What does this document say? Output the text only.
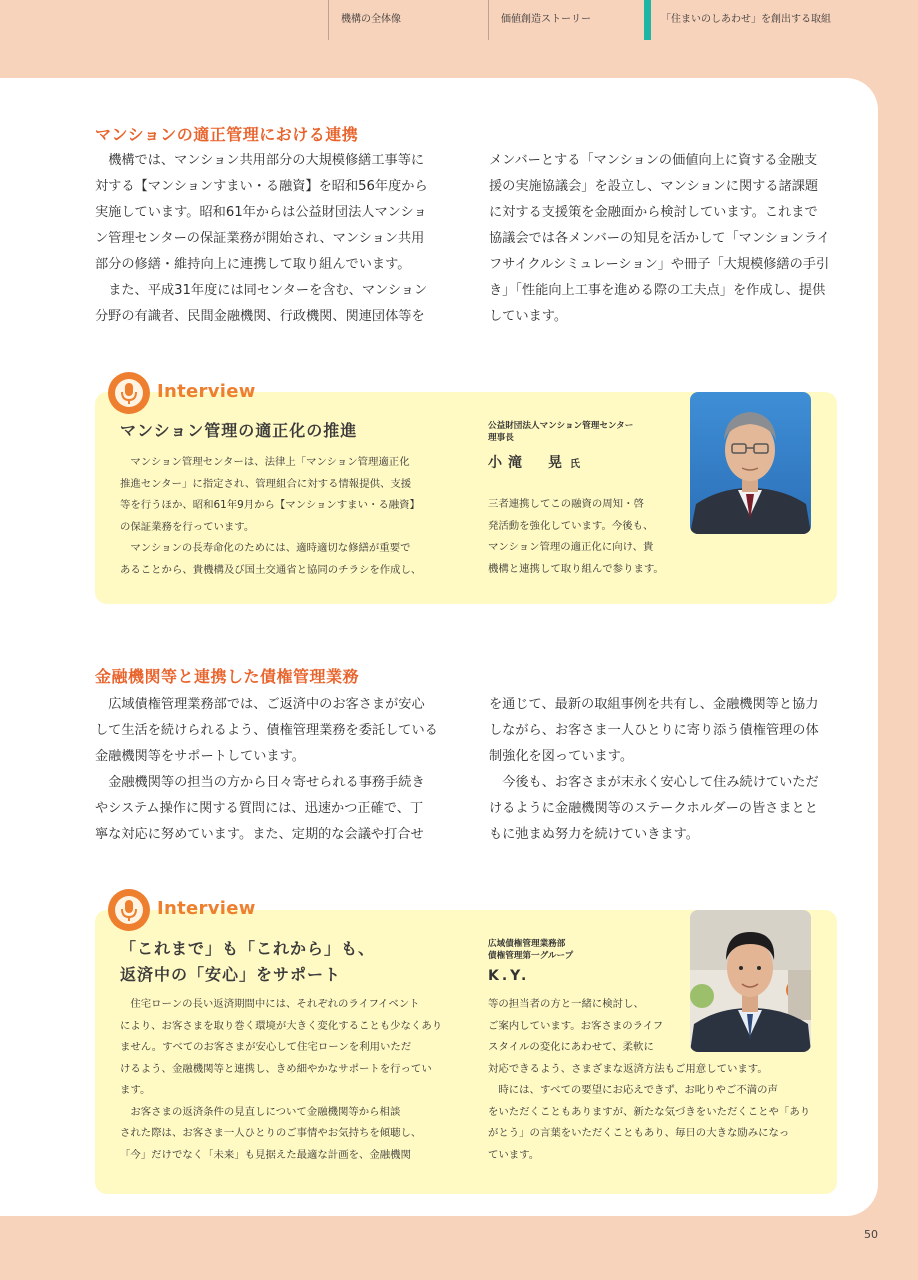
機構の全体像	価値創造ストーリー	「住まいのしあわせ」を創出する取組
マンションの適正管理における連携

機構では、マンション共用部分の大規模修繕工事等に

対する【マンションすまい・る融資】を昭和56年度から

実施しています。昭和61年からは公益財団法人マンショ

ン管理センターの保証業務が開始され、マンション共用

部分の修繕・維持向上に連携して取り組んでいます。

また、平成31年度には同センターを含む、マンション

分野の有識者、民間金融機関、行政機関、関連団体等を

メンバーとする「マンションの価値向上に資する金融支

援の実施協議会」を設立し、マンションに関する諸課題

に対する支援策を金融面から検討しています。これまで

協議会では各メンバーの知見を活かして「マンションライ

フサイクルシミュレーション」や冊子「大規模修繕の手引

き」「性能向上工事を進める際の工夫点」を作成し、提供

しています。

Interview
マンション管理の適正化の推進

マンション管理センターは、法律上「マンション管理適正化

推進センター」に指定され、管理組合に対する情報提供、支援

等を行うほか、昭和61年9月から【マンションすまい・る融資】

の保証業務を行っています。

マンションの長寿命化のためには、適時適切な修繕が重要で

あることから、貴機構及び国土交通省と協同のチラシを作成し、

公益財団法人マンション管理センター
理事長
小滝　晃 氏

三者連携してこの融資の周知・啓

発活動を強化しています。今後も、

マンション管理の適正化に向け、貴

機構と連携して取り組んで参ります。

金融機関等と連携した債権管理業務

広域債権管理業務部では、ご返済中のお客さまが安心

して生活を続けられるよう、債権管理業務を委託している

金融機関等をサポートしています。

金融機関等の担当の方から日々寄せられる事務手続き

やシステム操作に関する質問には、迅速かつ正確で、丁

寧な対応に努めています。また、定期的な会議や打合せ

を通じて、最新の取組事例を共有し、金融機関等と協力

しながら、お客さま一人ひとりに寄り添う債権管理の体

制強化を図っています。

今後も、お客さまが末永く安心して住み続けていただ

けるように金融機関等のステークホルダーの皆さまとと

もに弛まぬ努力を続けていきます。

Interview
「これまで」も「これから」も、
返済中の「安心」をサポート

住宅ローンの長い返済期間中には、それぞれのライフイベント

により、お客さまを取り巻く環境が大きく変化することも少なくあり

ません。すべてのお客さまが安心して住宅ローンを利用いただ

けるよう、金融機関等と連携し、きめ細やかなサポートを行ってい

ます。

お客さまの返済条件の見直しについて金融機関等から相談

された際は、お客さま一人ひとりのご事情やお気持ちを傾聴し、

「今」だけでなく「未来」も見据えた最適な計画を、金融機関

広域債権管理業務部
債権管理第一グループ
K.Y.

等の担当者の方と一緒に検討し、

ご案内しています。お客さまのライフ

スタイルの変化にあわせて、柔軟に

対応できるよう、さまざまな返済方法もご用意しています。

時には、すべての要望にお応えできず、お叱りやご不満の声

をいただくこともありますが、新たな気づきをいただくことや「あり

がとう」の言葉をいただくこともあり、毎日の大きな励みになっ

ています。

50
